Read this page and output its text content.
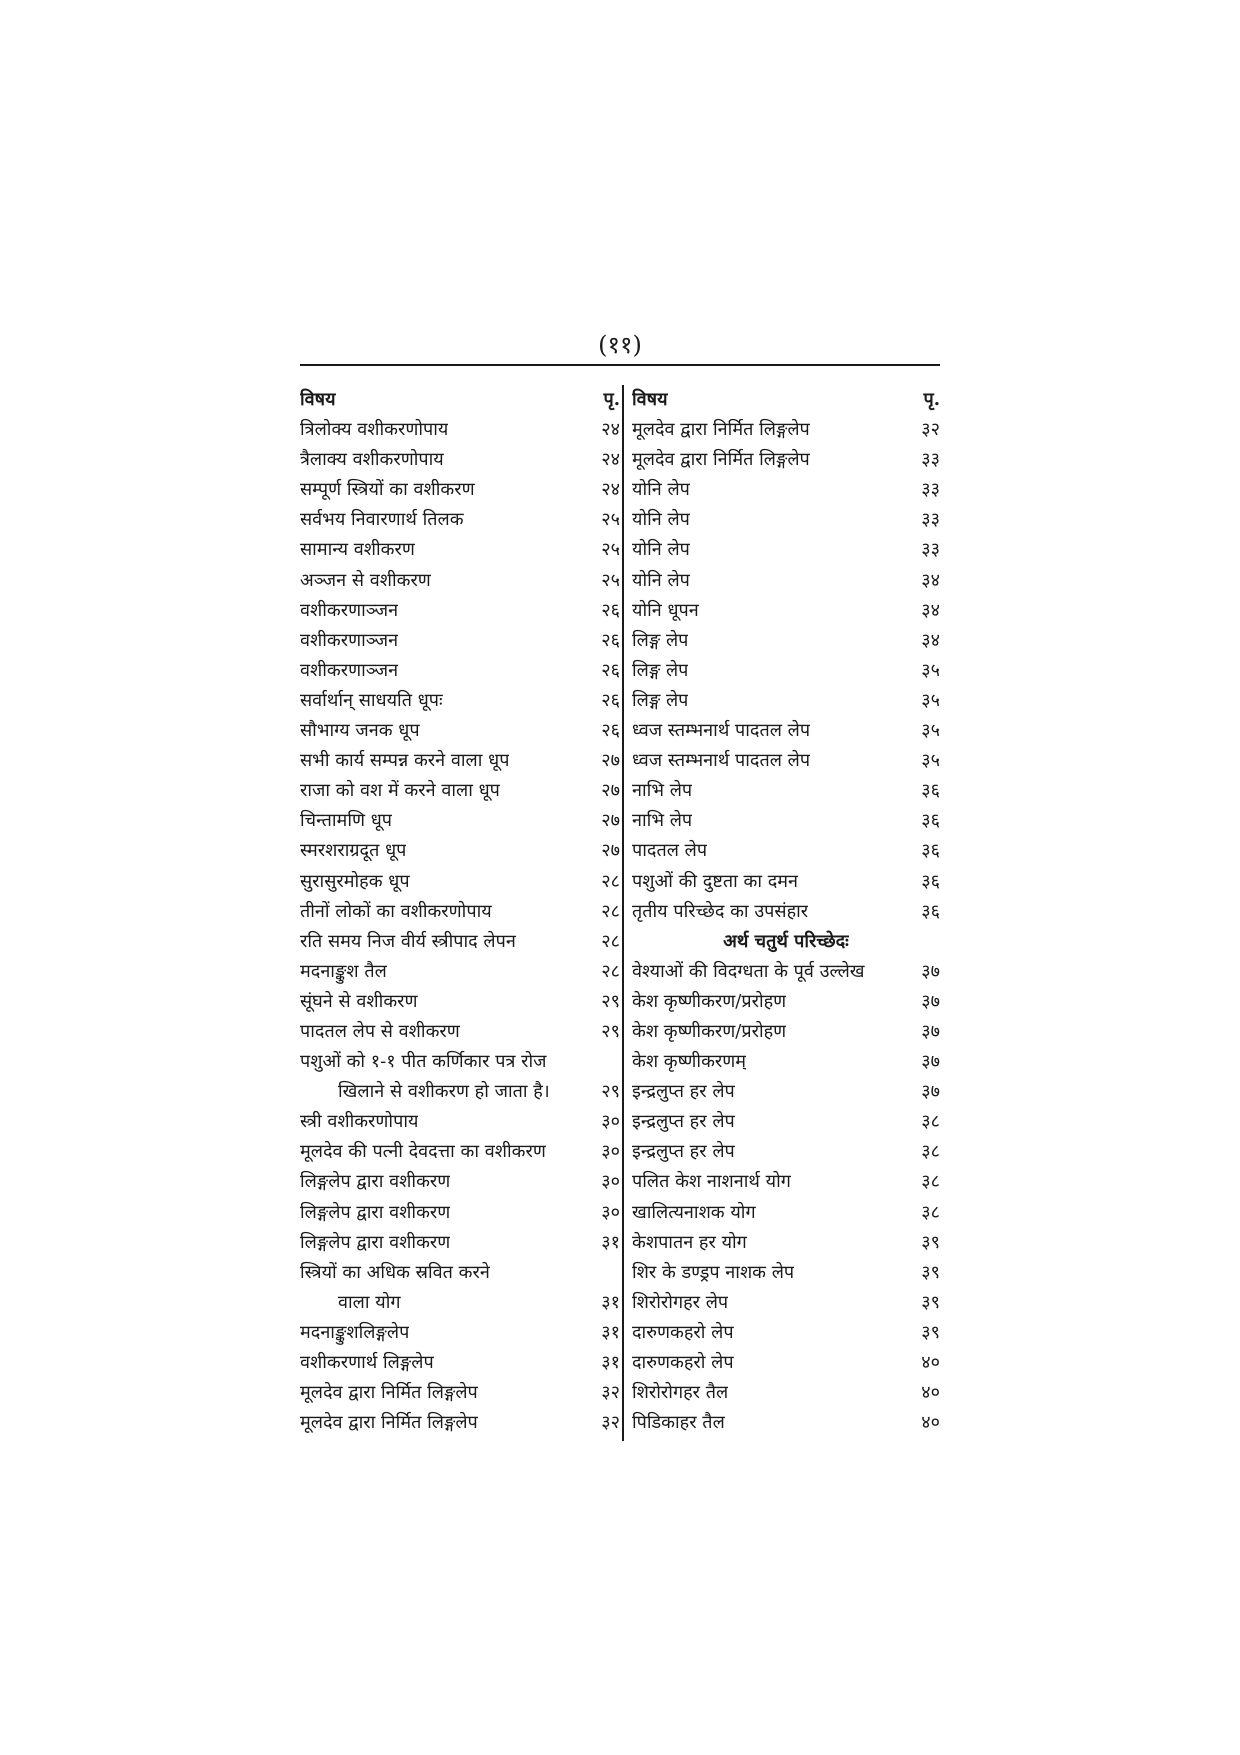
(११)
विषय	पृ.
त्रिलोक्य वशीकरणोपाय	२४
त्रैलाक्य वशीकरणोपाय	२४
सम्पूर्ण स्त्रियों का वशीकरण	२४
सर्वभय निवारणार्थ तिलक	२५
सामान्य वशीकरण	२५
अञ्जन से वशीकरण	२५
वशीकरणाञ्जन	२६
वशीकरणाञ्जन	२६
वशीकरणाञ्जन	२६
सर्वार्थान् साधयति धूपः	२६
सौभाग्य जनक धूप	२६
सभी कार्य सम्पन्न करने वाला धूप	२७
राजा को वश में करने वाला धूप	२७
चिन्तामणि धूप	२७
स्मरशराग्रदूत धूप	२७
सुरासुरमोहक धूप	२८
तीनों लोकों का वशीकरणोपाय	२८
रति समय निज वीर्य स्त्रीपाद लेपन	२८
मदनाङ्कुश तैल	२८
सूंघने से वशीकरण	२९
पादतल लेप से वशीकरण	२९
पशुओं को १-१ पीत कर्णिकार पत्र रोज
खिलाने से वशीकरण हो जाता है।	२९
स्त्री वशीकरणोपाय	३०
मूलदेव की पत्नी देवदत्ता का वशीकरण	३०
लिङ्गलेप द्वारा वशीकरण	३०
लिङ्गलेप द्वारा वशीकरण	३०
लिङ्गलेप द्वारा वशीकरण	३१
स्त्रियों का अधिक स्रवित करने
वाला योग	३१
मदनाङ्कुशलिङ्गलेप	३१
वशीकरणार्थ लिङ्गलेप	३१
मूलदेव द्वारा निर्मित लिङ्गलेप	३२
मूलदेव द्वारा निर्मित लिङ्गलेप	३२
विषय	पृ.
मूलदेव द्वारा निर्मित लिङ्गलेप	३२
मूलदेव द्वारा निर्मित लिङ्गलेप	३३
योनि लेप	३३
योनि लेप	३३
योनि लेप	३३
योनि लेप	३४
योनि धूपन	३४
लिङ्ग लेप	३४
लिङ्ग लेप	३५
लिङ्ग लेप	३५
ध्वज स्तम्भनार्थ पादतल लेप	३५
ध्वज स्तम्भनार्थ पादतल लेप	३५
नाभि लेप	३६
नाभि लेप	३६
पादतल लेप	३६
पशुओं की दुष्टता का दमन	३६
तृतीय परिच्छेद का उपसंहार	३६
अर्थ चतुर्थ परिच्छेदः
वेश्याओं की विदग्धता के पूर्व उल्लेख	३७
केश कृष्णीकरण/प्ररोहण	३७
केश कृष्णीकरण/प्ररोहण	३७
केश कृष्णीकरणम्	३७
इन्द्रलुप्त हर लेप	३७
इन्द्रलुप्त हर लेप	३८
इन्द्रलुप्त हर लेप	३८
पलित केश नाशनार्थ योग	३८
खालित्यनाशक योग	३८
केशपातन हर योग	३९
शिर के डण्ड्रप नाशक लेप	३९
शिरोरोगहर लेप	३९
दारुणकहरो लेप	३९
दारुणकहरो लेप	४०
शिरोरोगहर तैल	४०
पिडिकाहर तैल	४०
